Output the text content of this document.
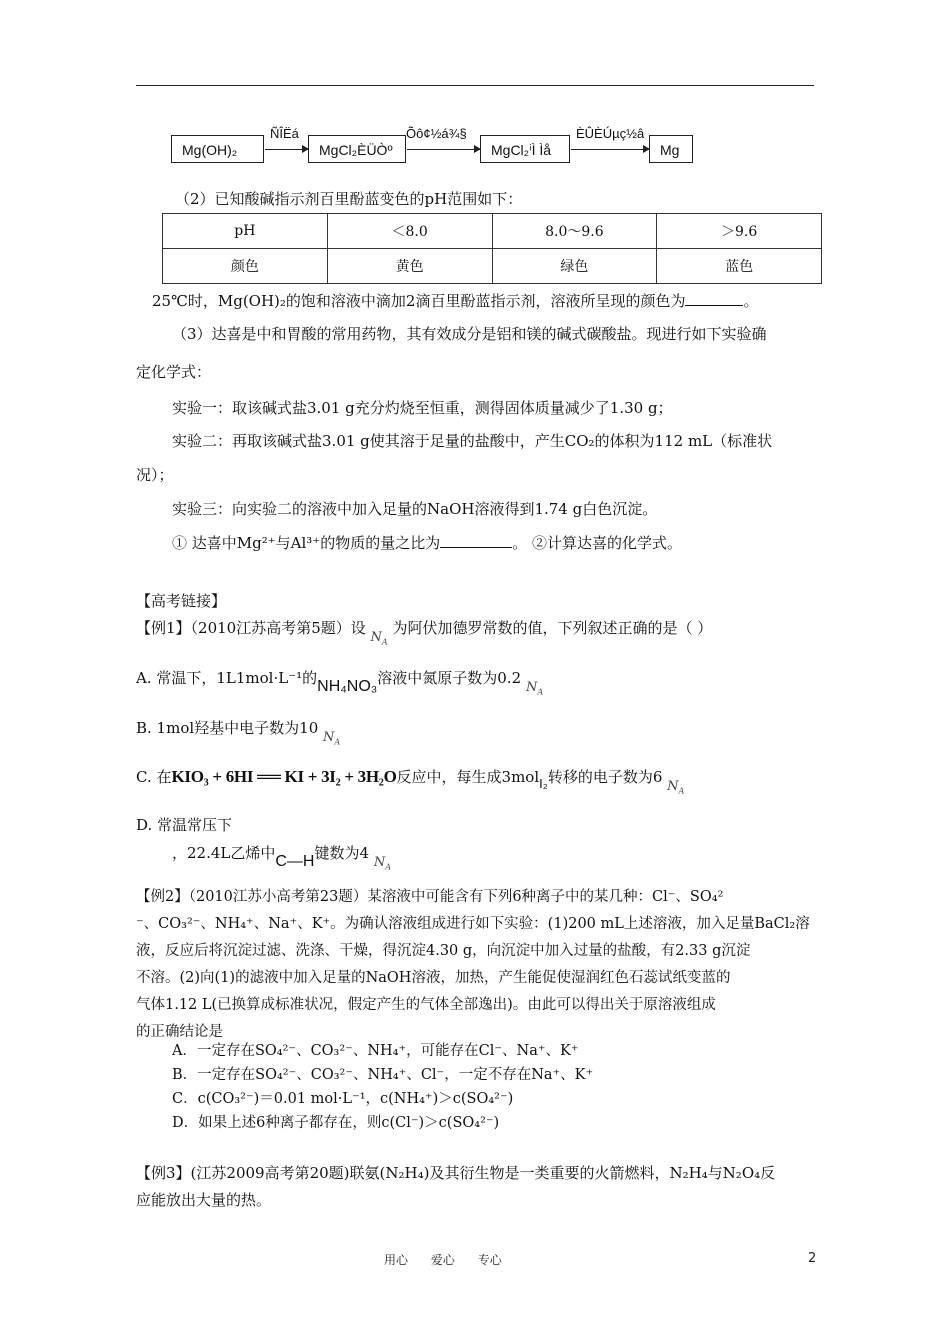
Mg(OH)₂
ÑÎËá
MgCl₂ÈÜÒº
Õô¢½á¾§
MgCl₂ⁱÌ Ìå
ÈÛÈÚµç½â
Mg
（2）已知酸碱指示剂百里酚蓝变色的pH范围如下：
pH	＜8.0	8.0～9.6	＞9.6
颜色	黄色	绿色	蓝色
25℃时，Mg(OH)₂的饱和溶液中滴加2滴百里酚蓝指示剂，溶液所呈现的颜色为	。
（3）达喜是中和胃酸的常用药物，其有效成分是铝和镁的碱式碳酸盐。现进行如下实验确
定化学式：
实验一：取该碱式盐3.01 g充分灼烧至恒重，测得固体质量减少了1.30 g；
实验二：再取该碱式盐3.01 g使其溶于足量的盐酸中，产生CO₂的体积为112 mL（标准状
况）；
实验三：向实验二的溶液中加入足量的NaOH溶液得到1.74 g白色沉淀。
① 达喜中Mg²⁺与Al³⁺的物质的量之比为	。 ②计算达喜的化学式。
【高考链接】
【例1】（2010江苏高考第5题）设 $N_A$ 为阿伏加德罗常数的值，下列叙述正确的是（ ）
A. 常温下，1L1mol·L⁻¹的NH₄NO₃溶液中氮原子数为0.2 $N_A$
B. 1mol羟基中电子数为10 $N_A$
C. 在KIO₃ + 6HI ══ KI + 3I₂ + 3H₂O反应中，每生成3molI₂转移的电子数为6 $N_A$
D. 常温常压下
，22.4L乙烯中C—H键数为4 $N_A$
【例2】（2010江苏小高考第23题）某溶液中可能含有下列6种离子中的某几种：Cl⁻、SO₄²
⁻、CO₃²⁻、NH₄⁺、Na⁺、K⁺。为确认溶液组成进行如下实验：(1)200 mL上述溶液，加入足量BaCl₂溶
液，反应后将沉淀过滤、洗涤、干燥，得沉淀4.30 g，向沉淀中加入过量的盐酸，有2.33 g沉淀
不溶。(2)向(1)的滤液中加入足量的NaOH溶液，加热，产生能促使湿润红色石蕊试纸变蓝的
气体1.12 L(已换算成标准状况，假定产生的气体全部逸出)。由此可以得出关于原溶液组成
的正确结论是
A．一定存在SO₄²⁻、CO₃²⁻、NH₄⁺，可能存在Cl⁻、Na⁺、K⁺
B．一定存在SO₄²⁻、CO₃²⁻、NH₄⁺、Cl⁻，一定不存在Na⁺、K⁺
C．c(CO₃²⁻)＝0.01 mol·L⁻¹，c(NH₄⁺)＞c(SO₄²⁻)
D．如果上述6种离子都存在，则c(Cl⁻)＞c(SO₄²⁻)
【例3】(江苏2009高考第20题)联氨(N₂H₄)及其衍生物是一类重要的火箭燃料，N₂H₄与N₂O₄反
应能放出大量的热。
用心      爱心      专心	2
